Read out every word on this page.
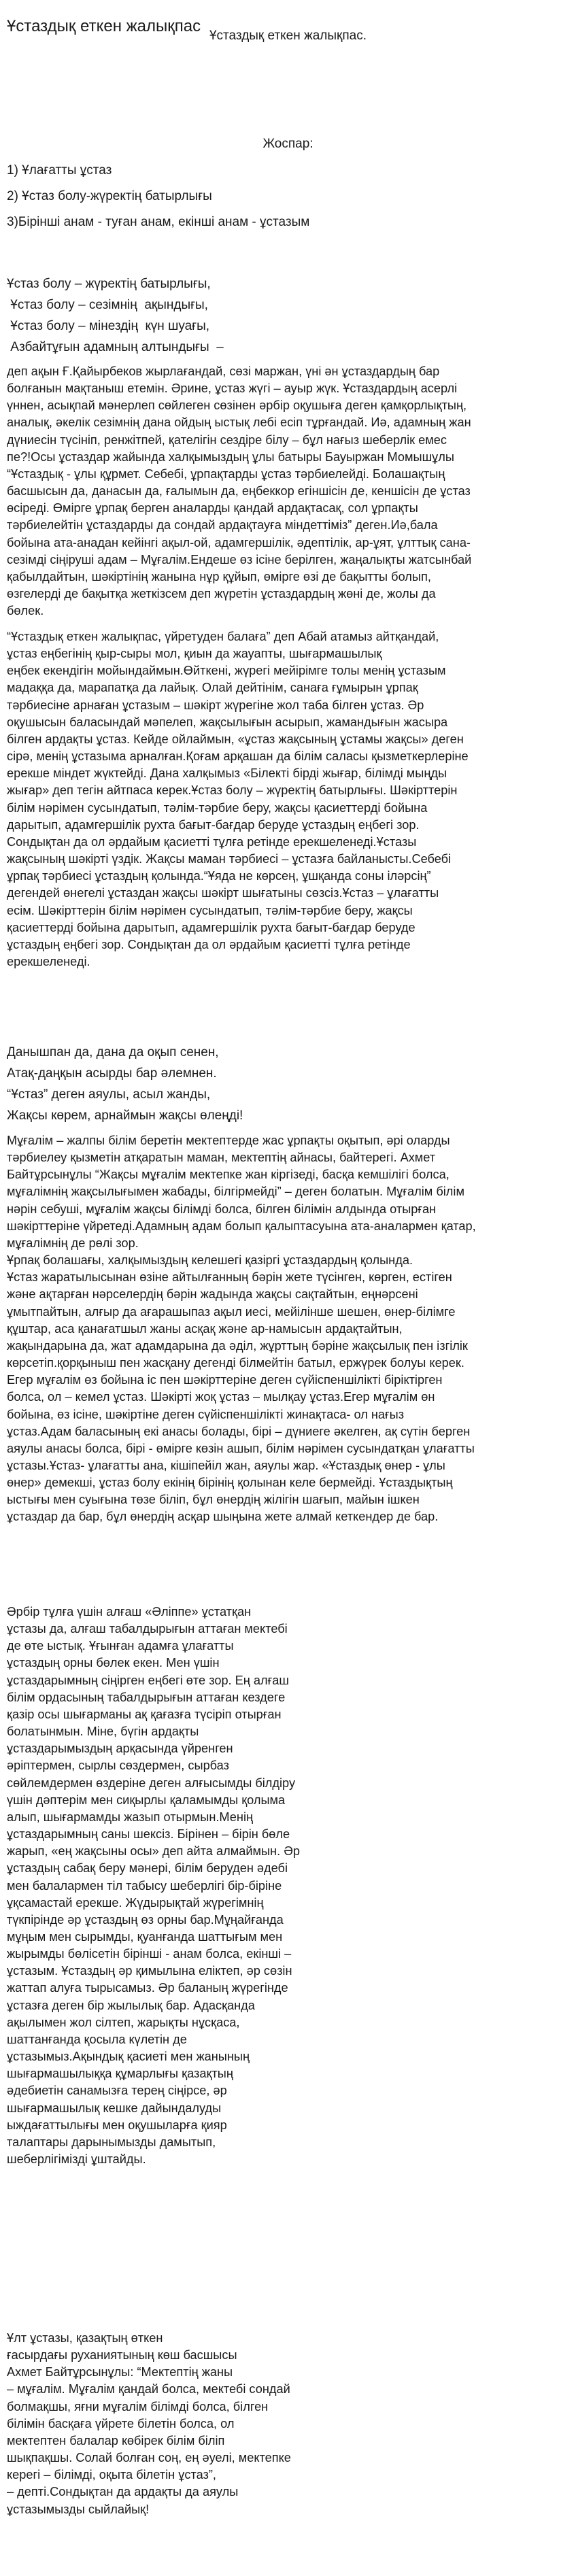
Ұстаздық еткен жалықпас
Ұстаздық еткен жалықпас.
Жоспар:
1) Ұлағатты ұстаз
2) Ұстаз болу-жүректің батырлығы
3)Бірінші анам - туған анам, екінші анам - ұстазым
Ұстаз болу – жүректің батырлығы,
Ұстаз болу – сезімнің  ақындығы,
Ұстаз болу – мінездің  күн шуағы,
Азбайтұғын адамның алтындығы  –

деп ақын Ғ.Қайырбеков жырлағандай, сөзі маржан, үні ән ұстаздардың бар
болғанын мақтаныш етемін. Әрине, ұстаз жүгі – ауыр жүк. Ұстаздардың асерлі
үннен, асықпай мәнерлеп сөйлеген сөзінен әрбір оқушыға деген қамқорлықтың,
аналық, әкелік сезімнің дана ойдың ыстық лебі есіп тұрғандай. Иә, адамның жан
дүниесін түсініп, ренжітпей, қателігін сездіре білу – бұл нағыз шеберлік емес
пе?!Осы ұстаздар жайында халқымыздың ұлы батыры Бауыржан Момышұлы
“Ұстаздық - ұлы құрмет. Себебі, ұрпақтарды ұстаз тәрбиелейді. Болашақтың
басшысын да, данасын да, ғалымын да, еңбеккор егіншісін де, кеншісін де ұстаз
өсіреді. Өмірге ұрпақ берген аналарды қандай ардақтасақ, сол ұрпақты
тәрбиелейтін ұстаздарды да сондай ардақтауға міндеттіміз” деген.Иә,бала
бойына ата-анадан кейінгі ақыл-ой, адамгершілік, әдептілік, ар-ұят, ұлттық сана-
сезімді сіңіруші адам – Мұғалім.Ендеше өз ісіне берілген, жаңалықты жатсынбай
қабылдайтын, шәкіртінің жанына нұр құйып, өмірге өзі де бақытты болып,
өзгелерді де бақытқа жеткізсем деп жүретін ұстаздардың жөні де, жолы да
бөлек.

“Ұстаздық еткен жалықпас, үйретуден балаға” деп Абай атамыз айтқандай,
ұстаз еңбегінің қыр-сыры мол, қиын да жауапты, шығармашылық
еңбек екендігін мойындаймын.Өйткені, жүрегі мейірімге толы менің ұстазым
мадаққа да, марапатқа да лайық. Олай дейтінім, санаға ғұмырын ұрпақ
тәрбиесіне арнаған ұстазым – шәкірт жүрегіне жол таба білген ұстаз. Әр
оқушысын баласындай мәпелеп, жақсылығын асырып, жамандығын жасыра
білген ардақты ұстаз. Кейде ойлаймын, «ұстаз жақсының ұстамы жақсы» деген
сірә, менің ұстазыма арналған.Қоғам арқашан да білім саласы қызметкерлеріне
ерекше міндет жүктейді. Дана халқымыз «Білекті бірді жығар, білімді мыңды
жығар» деп тегін айтпаса керек.Ұстаз болу – жүректің батырлығы. Шәкірттерін
білім нәрімен сусындатып, тәлім-тәрбие беру, жақсы қасиеттерді бойына
дарытып, адамгершілік рухта бағыт-бағдар беруде ұстаздың еңбегі зор.
Сондықтан да ол әрдайым қасиетті тұлға ретінде ерекшеленеді.Ұстазы
жақсының шәкірті үздік. Жақсы маман тәрбиесі – ұстазға байланысты.Себебі
ұрпақ тәрбиесі ұстаздың қолында.“Ұяда не көрсең, ұшқанда соны іләрсің”
дегендей өнегелі ұстаздан жақсы шәкірт шығатыны сөзсіз.Ұстаз – ұлағатты
есім. Шәкірттерін білім нәрімен сусындатып, тәлім-тәрбие беру, жақсы
қасиеттерді бойына дарытып, адамгершілік рухта бағыт-бағдар беруде
ұстаздың еңбегі зор. Сондықтан да ол әрдайым қасиетті тұлға ретінде
ерекшеленеді.

Данышпан да, дана да оқып сенен,
Атақ-даңқын асырды бар әлемнен.
“Ұстаз” деген аяулы, асыл жанды,
Жақсы көрем, арнаймын жақсы өлеңді!

Мұғалім – жалпы білім беретін мектептерде жас ұрпақты оқытып, әрі оларды
тәрбиелеу қызметін атқаратын маман, мектептің айнасы, байтерегі. Ахмет
Байтұрсынұлы “Жақсы мұғалім мектепке жан кіргізеді, басқа кемшілігі болса,
мұғалімнің жақсылығымен жабады, білгірмейді” – деген болатын. Мұғалім білім
нәрін себуші, мұғалім жақсы білімді болса, білген білімін алдында отырған
шәкірттеріне үйретеді.Адамның адам болып қалыптасуына ата-аналармен қатар,
мұғалімнің де рөлі зор.
Ұрпақ болашағы, халқымыздың келешегі қазіргі ұстаздардың қолында.
Ұстаз жаратылысынан өзіне айтылғанның бәрін жете түсінген, көрген, естіген
және ақтарған нәрселердің бәрін жадында жақсы сақтайтын, еңнәрсені
ұмытпайтын, алғыр да ағарашыпаз ақыл иесі, мейілінше шешен, өнер-білімге
құштар, аса қанағатшыл жаны асқақ және ар-намысын ардақтайтын,
жақындарына да, жат адамдарына да әділ, жұрттың бәріне жақсылық пен ізгілік
көрсетіп.қорқыныш пен жасқану дегенді білмейтін батыл, ержүрек болуы керек.
Егер мұғалім өз бойына іс пен шәкірттеріне деген сүйіспеншілікті біріктірген
болса, ол – кемел ұстаз. Шәкірті жоқ ұстаз – мылқау ұстаз.Егер мұғалім өн
бойына, өз ісіне, шәкіртіне деген сүйіспеншілікті жинақтаса- ол нағыз
ұстаз.Адам баласының екі анасы болады, бірі – дүниеге әкелген, ақ сүтін берген
аяулы анасы болса, бірі - өмірге көзін ашып, білім нәрімен сусындатқан ұлағатты
ұстазы.Ұстаз- ұлағатты ана, кішіпейіл жан, аяулы жар. «Ұстаздық өнер - ұлы
өнер» демекші, ұстаз болу екінің бірінің қолынан келе бермейді. Ұстаздықтың
ыстығы мен суығына төзе біліп, бұл өнердің жілігін шағып, майын ішкен
ұстаздар да бар, бұл өнердің асқар шыңына жете алмай кеткендер де бар.

Әрбір тұлға үшін алғаш «Әліппе» ұстатқан
ұстазы да, алғаш табалдырығын аттаған мектебі
де өте ыстық. Ұғынған адамға ұлағатты
ұстаздың орны бөлек екен. Мен үшін
ұстаздарымның сіңірген еңбегі өте зор. Ең алғаш
білім ордасының табалдырығын аттаған кездеге
қазір осы шығарманы ақ қағазға түсіріп отырған
болатынмын. Міне, бүгін ардақты
ұстаздарымыздың арқасында үйренген
әріптермен, сырлы сөздермен, сырбаз
сөйлемдермен өздеріне деген алғысымды білдіру
үшін дәптерім мен сиқырлы қаламымды қолыма
алып, шығармамды жазып отырмын.Менің
ұстаздарымның саны шексіз. Бірінен – бірін бөле
жарып, «ең жақсыны осы» деп айта алмаймын. Әр
ұстаздың сабақ беру мәнері, білім беруден әдебі
мен балалармен тіл табысу шеберлігі бір-біріне
ұқсамастай ерекше. Жүдырықтай жүрегімнің
түкпірінде әр ұстаздың өз орны бар.Мұңайғанда
мұңым мен сырымды, қуанғанда шаттығым мен
жырымды бөлісетін бірінші - анам болса, екінші –
ұстазым. Ұстаздың әр қимылына еліктеп, әр сөзін
жаттап алуға тырысамыз. Әр баланың жүрегінде
ұстазға деген бір жылылық бар. Адасқанда
ақылымен жол сілтеп, жарықты нұсқаса,
шаттанғанда қосыла күлетін де
ұстазымыз.Ақындық қасиеті мен жанының
шығармашылыққа құмарлығы қазақтың
әдебиетін санамызға терең сіңірсе, әр
шығармашылық кешке дайындалуды
ыждағаттылығы мен оқушыларға қияр
талаптары дарынымызды дамытып,
шеберлігімізді ұштайды.

Ұлт ұстазы, қазақтың өткен
ғасырдағы руханиятының көш басшысы
Ахмет Байтұрсынұлы: “Мектептің жаны
– мұғалім. Мұғалім қандай болса, мектебі сондай
болмақшы, яғни мұғалім білімді болса, білген
білімін басқаға үйрете білетін болса, ол
мектептен балалар көбірек білім біліп
шықпақшы. Солай болған соң, ең әуелі, мектепке
керегі – білімді, оқыта білетін ұстаз”,
– депті.Сондықтан да ардақты да аяулы
ұстазымызды сыйлайық!
